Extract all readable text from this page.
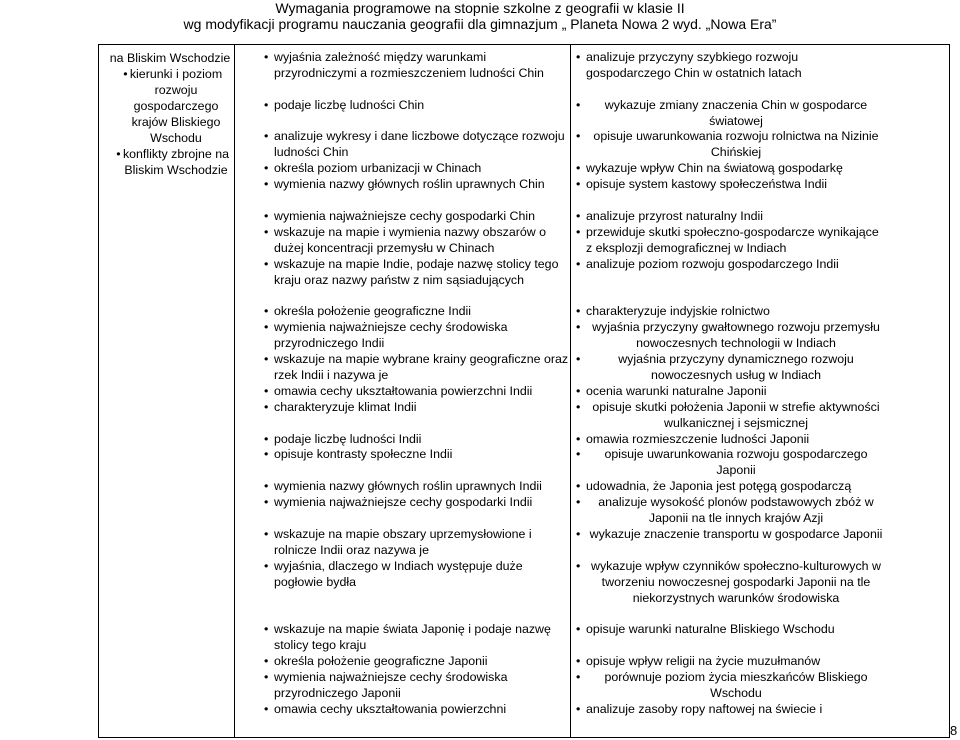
Wymagania programowe na stopnie szkolne z geografii w klasie II
wg modyfikacji programu nauczania geografii dla gimnazjum „ Planeta Nowa 2 wyd. „Nowa Era”
na Bliskim Wschodzie
• kierunki i poziom rozwoju gospodarczego krajów Bliskiego Wschodu
• konflikty zbrojne na Bliskim Wschodzie
• wyjaśnia zależność między warunkami przyrodniczymi a rozmieszczeniem ludności Chin
• podaje liczbę ludności Chin
• analizuje wykresy i dane liczbowe dotyczące rozwoju ludności Chin
• określa poziom urbanizacji w Chinach
• wymienia nazwy głównych roślin uprawnych Chin
• wymienia najważniejsze cechy gospodarki Chin
• wskazuje na mapie i wymienia nazwy obszarów o dużej koncentracji przemysłu w Chinach
• wskazuje na mapie Indie, podaje nazwę stolicy tego kraju oraz nazwy państw z nim sąsiadujących
• określa położenie geograficzne Indii
• wymienia najważniejsze cechy środowiska przyrodniczego Indii
• wskazuje na mapie wybrane krainy geograficzne oraz rzek Indii i nazywa je
• omawia cechy ukształtowania powierzchni Indii
• charakteryzuje klimat Indii
• podaje liczbę ludności Indii
• opisuje kontrasty społeczne Indii
• wymienia nazwy głównych roślin uprawnych Indii
• wymienia najważniejsze cechy gospodarki Indii
• wskazuje na mapie obszary uprzemysłowione i rolnicze Indii oraz nazywa je
• wyjaśnia, dlaczego w Indiach występuje duże pogłowie bydła
• wskazuje na mapie świata Japonię i podaje nazwę stolicy tego kraju
• określa położenie geograficzne Japonii
• wymienia najważniejsze cechy środowiska przyrodniczego Japonii
• omawia cechy ukształtowania powierzchni
• analizuje przyczyny szybkiego rozwoju gospodarczego Chin w ostatnich latach
• wykazuje zmiany znaczenia Chin w gospodarce światowej
• opisuje uwarunkowania rozwoju rolnictwa na Nizinie Chińskiej
• wykazuje wpływ Chin na światową gospodarkę
• opisuje system kastowy społeczeństwa Indii
• analizuje przyrost naturalny Indii
• przewiduje skutki społeczno-gospodarcze wynikające z eksplozji demograficznej w Indiach
• analizuje poziom rozwoju gospodarczego Indii
• charakteryzuje indyjskie rolnictwo
• wyjaśnia przyczyny gwałtownego rozwoju przemysłu nowoczesnych technologii w Indiach
• wyjaśnia przyczyny dynamicznego rozwoju nowoczesnych usług w Indiach
• ocenia warunki naturalne Japonii
• opisuje skutki położenia Japonii w strefie aktywności wulkanicznej i sejsmicznej
• omawia rozmieszczenie ludności Japonii
• opisuje uwarunkowania rozwoju gospodarczego Japonii
• udowadnia, że Japonia jest potęgą gospodarczą
• analizuje wysokość plonów podstawowych zbóż w Japonii na tle innych krajów Azji
• wykazuje znaczenie transportu w gospodarce Japonii
• wykazuje wpływ czynników społeczno-kulturowych w tworzeniu nowoczesnej gospodarki Japonii na tle niekorzystnych warunków środowiska
• opisuje warunki naturalne Bliskiego Wschodu
• opisuje wpływ religii na życie muzułmanów
• porównuje poziom życia mieszkańców Bliskiego Wschodu
• analizuje zasoby ropy naftowej na świecie i
8
